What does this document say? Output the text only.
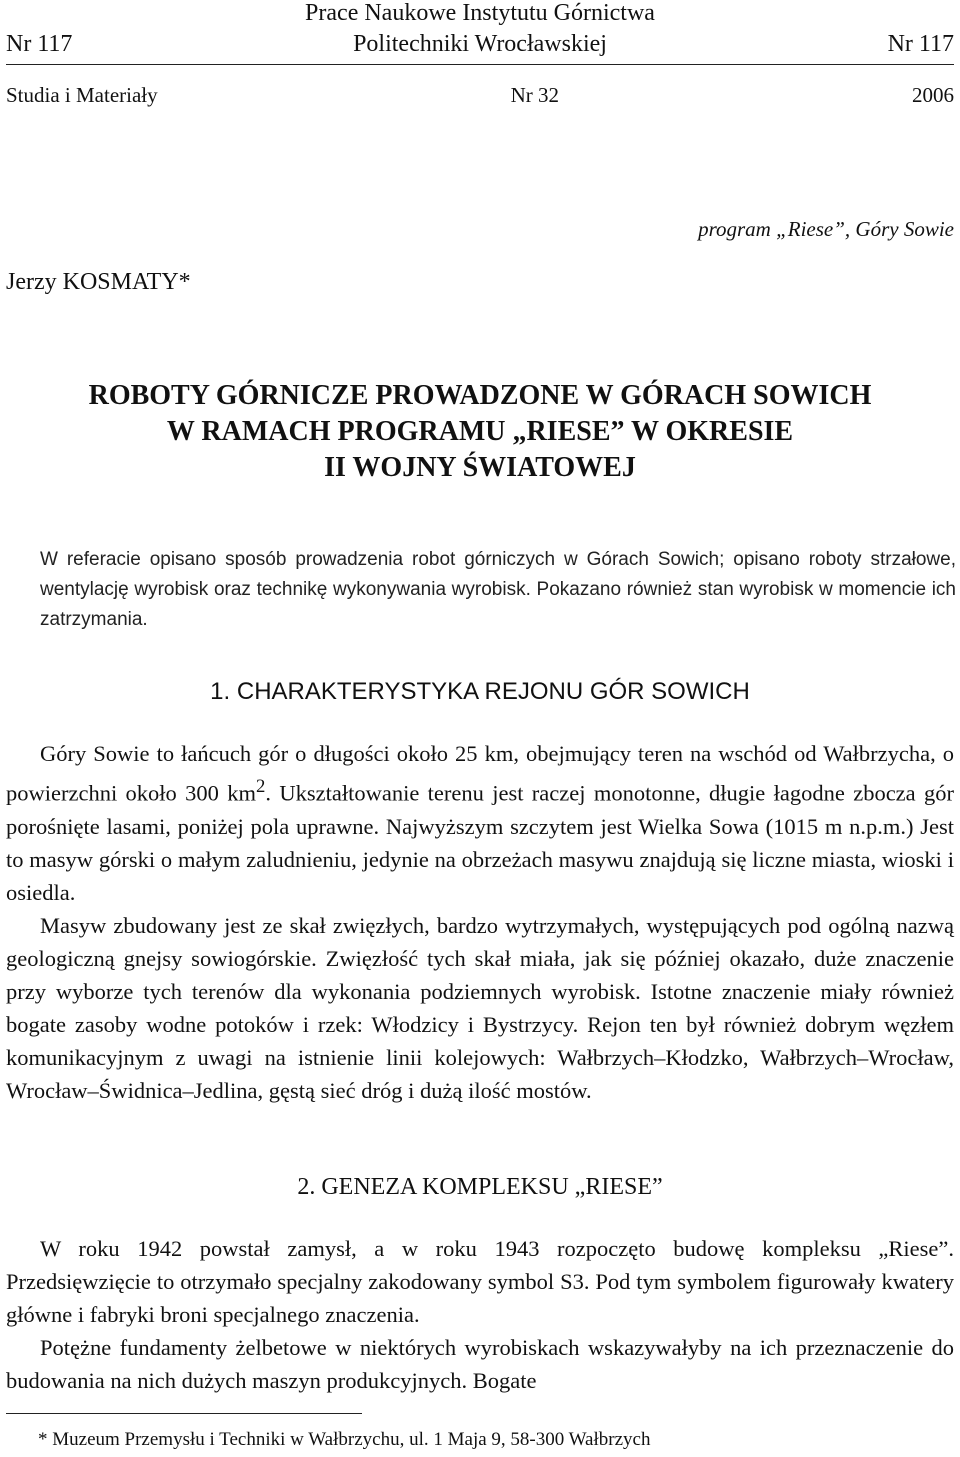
Prace Naukowe Instytutu Górnictwa
Nr 117	Politechniki Wrocławskiej	Nr 117
Studia i Materiały	Nr 32	2006
program „Riese”, Góry Sowie
Jerzy KOSMATY*
ROBOTY GÓRNICZE PROWADZONE W GÓRACH SOWICH
W RAMACH PROGRAMU „RIESE” W OKRESIE
II WOJNY ŚWIATOWEJ
W referacie opisano sposób prowadzenia robot górniczych w Górach Sowich; opisano roboty strzałowe, wentylację wyrobisk oraz technikę wykonywania wyrobisk. Pokazano również stan wyrobisk w momencie ich zatrzymania.
1. CHARAKTERYSTYKA REJONU GÓR SOWICH

Góry Sowie to łańcuch gór o długości około 25 km, obejmujący teren na wschód od Wałbrzycha, o powierzchni około 300 $km^2$. Ukształtowanie terenu jest raczej monotonne, długie łagodne zbocza gór porośnięte lasami, poniżej pola uprawne. Najwyższym szczytem jest Wielka Sowa (1015 m n.p.m.) Jest to masyw górski o małym zaludnieniu, jedynie na obrzeżach masywu znajdują się liczne miasta, wioski i osiedla.

Masyw zbudowany jest ze skał zwięzłych, bardzo wytrzymałych, występujących pod ogólną nazwą geologiczną gnejsy sowiogórskie. Zwięzłość tych skał miała, jak się później okazało, duże znaczenie przy wyborze tych terenów dla wykonania podziemnych wyrobisk. Istotne znaczenie miały również bogate zasoby wodne potoków i rzek: Włodzicy i Bystrzycy. Rejon ten był również dobrym węzłem komunikacyjnym z uwagi na istnienie linii kolejowych: Wałbrzych–Kłodzko, Wałbrzych–Wrocław, Wrocław–Świdnica–Jedlina, gęstą sieć dróg i dużą ilość mostów.

2. GENEZA KOMPLEKSU „RIESE”

W roku 1942 powstał zamysł, a w roku 1943 rozpoczęto budowę kompleksu „Riese”. Przedsięwzięcie to otrzymało specjalny zakodowany symbol S3. Pod tym symbolem figurowały kwatery główne i fabryki broni specjalnego znaczenia.

Potężne fundamenty żelbetowe w niektórych wyrobiskach wskazywałyby na ich przeznaczenie do budowania na nich dużych maszyn produkcyjnych. Bogate

* Muzeum Przemysłu i Techniki w Wałbrzychu, ul. 1 Maja 9, 58-300 Wałbrzych
